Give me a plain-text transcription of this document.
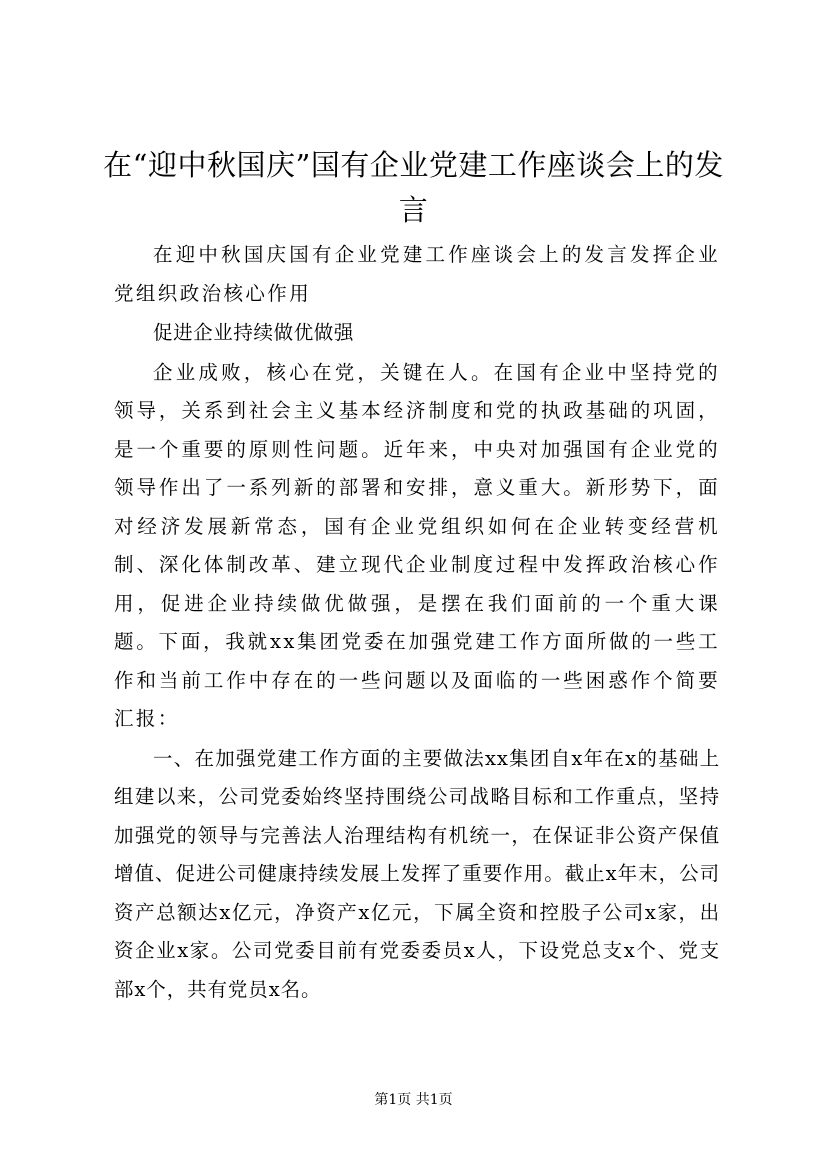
在“迎中秋国庆”国有企业党建工作座谈会上的发言

在迎中秋国庆国有企业党建工作座谈会上的发言发挥企业党组织政治核心作用

促进企业持续做优做强

企业成败，核心在党，关键在人。在国有企业中坚持党的领导，关系到社会主义基本经济制度和党的执政基础的巩固，是一个重要的原则性问题。近年来，中央对加强国有企业党的领导作出了一系列新的部署和安排，意义重大。新形势下，面对经济发展新常态，国有企业党组织如何在企业转变经营机制、深化体制改革、建立现代企业制度过程中发挥政治核心作用，促进企业持续做优做强，是摆在我们面前的一个重大课题。下面，我就xx集团党委在加强党建工作方面所做的一些工作和当前工作中存在的一些问题以及面临的一些困惑作个简要汇报：

一、在加强党建工作方面的主要做法xx集团自x年在x的基础上组建以来，公司党委始终坚持围绕公司战略目标和工作重点，坚持加强党的领导与完善法人治理结构有机统一，在保证非公资产保值增值、促进公司健康持续发展上发挥了重要作用。截止x年末，公司资产总额达x亿元，净资产x亿元，下属全资和控股子公司x家，出资企业x家。公司党委目前有党委委员x人，下设党总支x个、党支部x个，共有党员x名。

第1页 共1页
